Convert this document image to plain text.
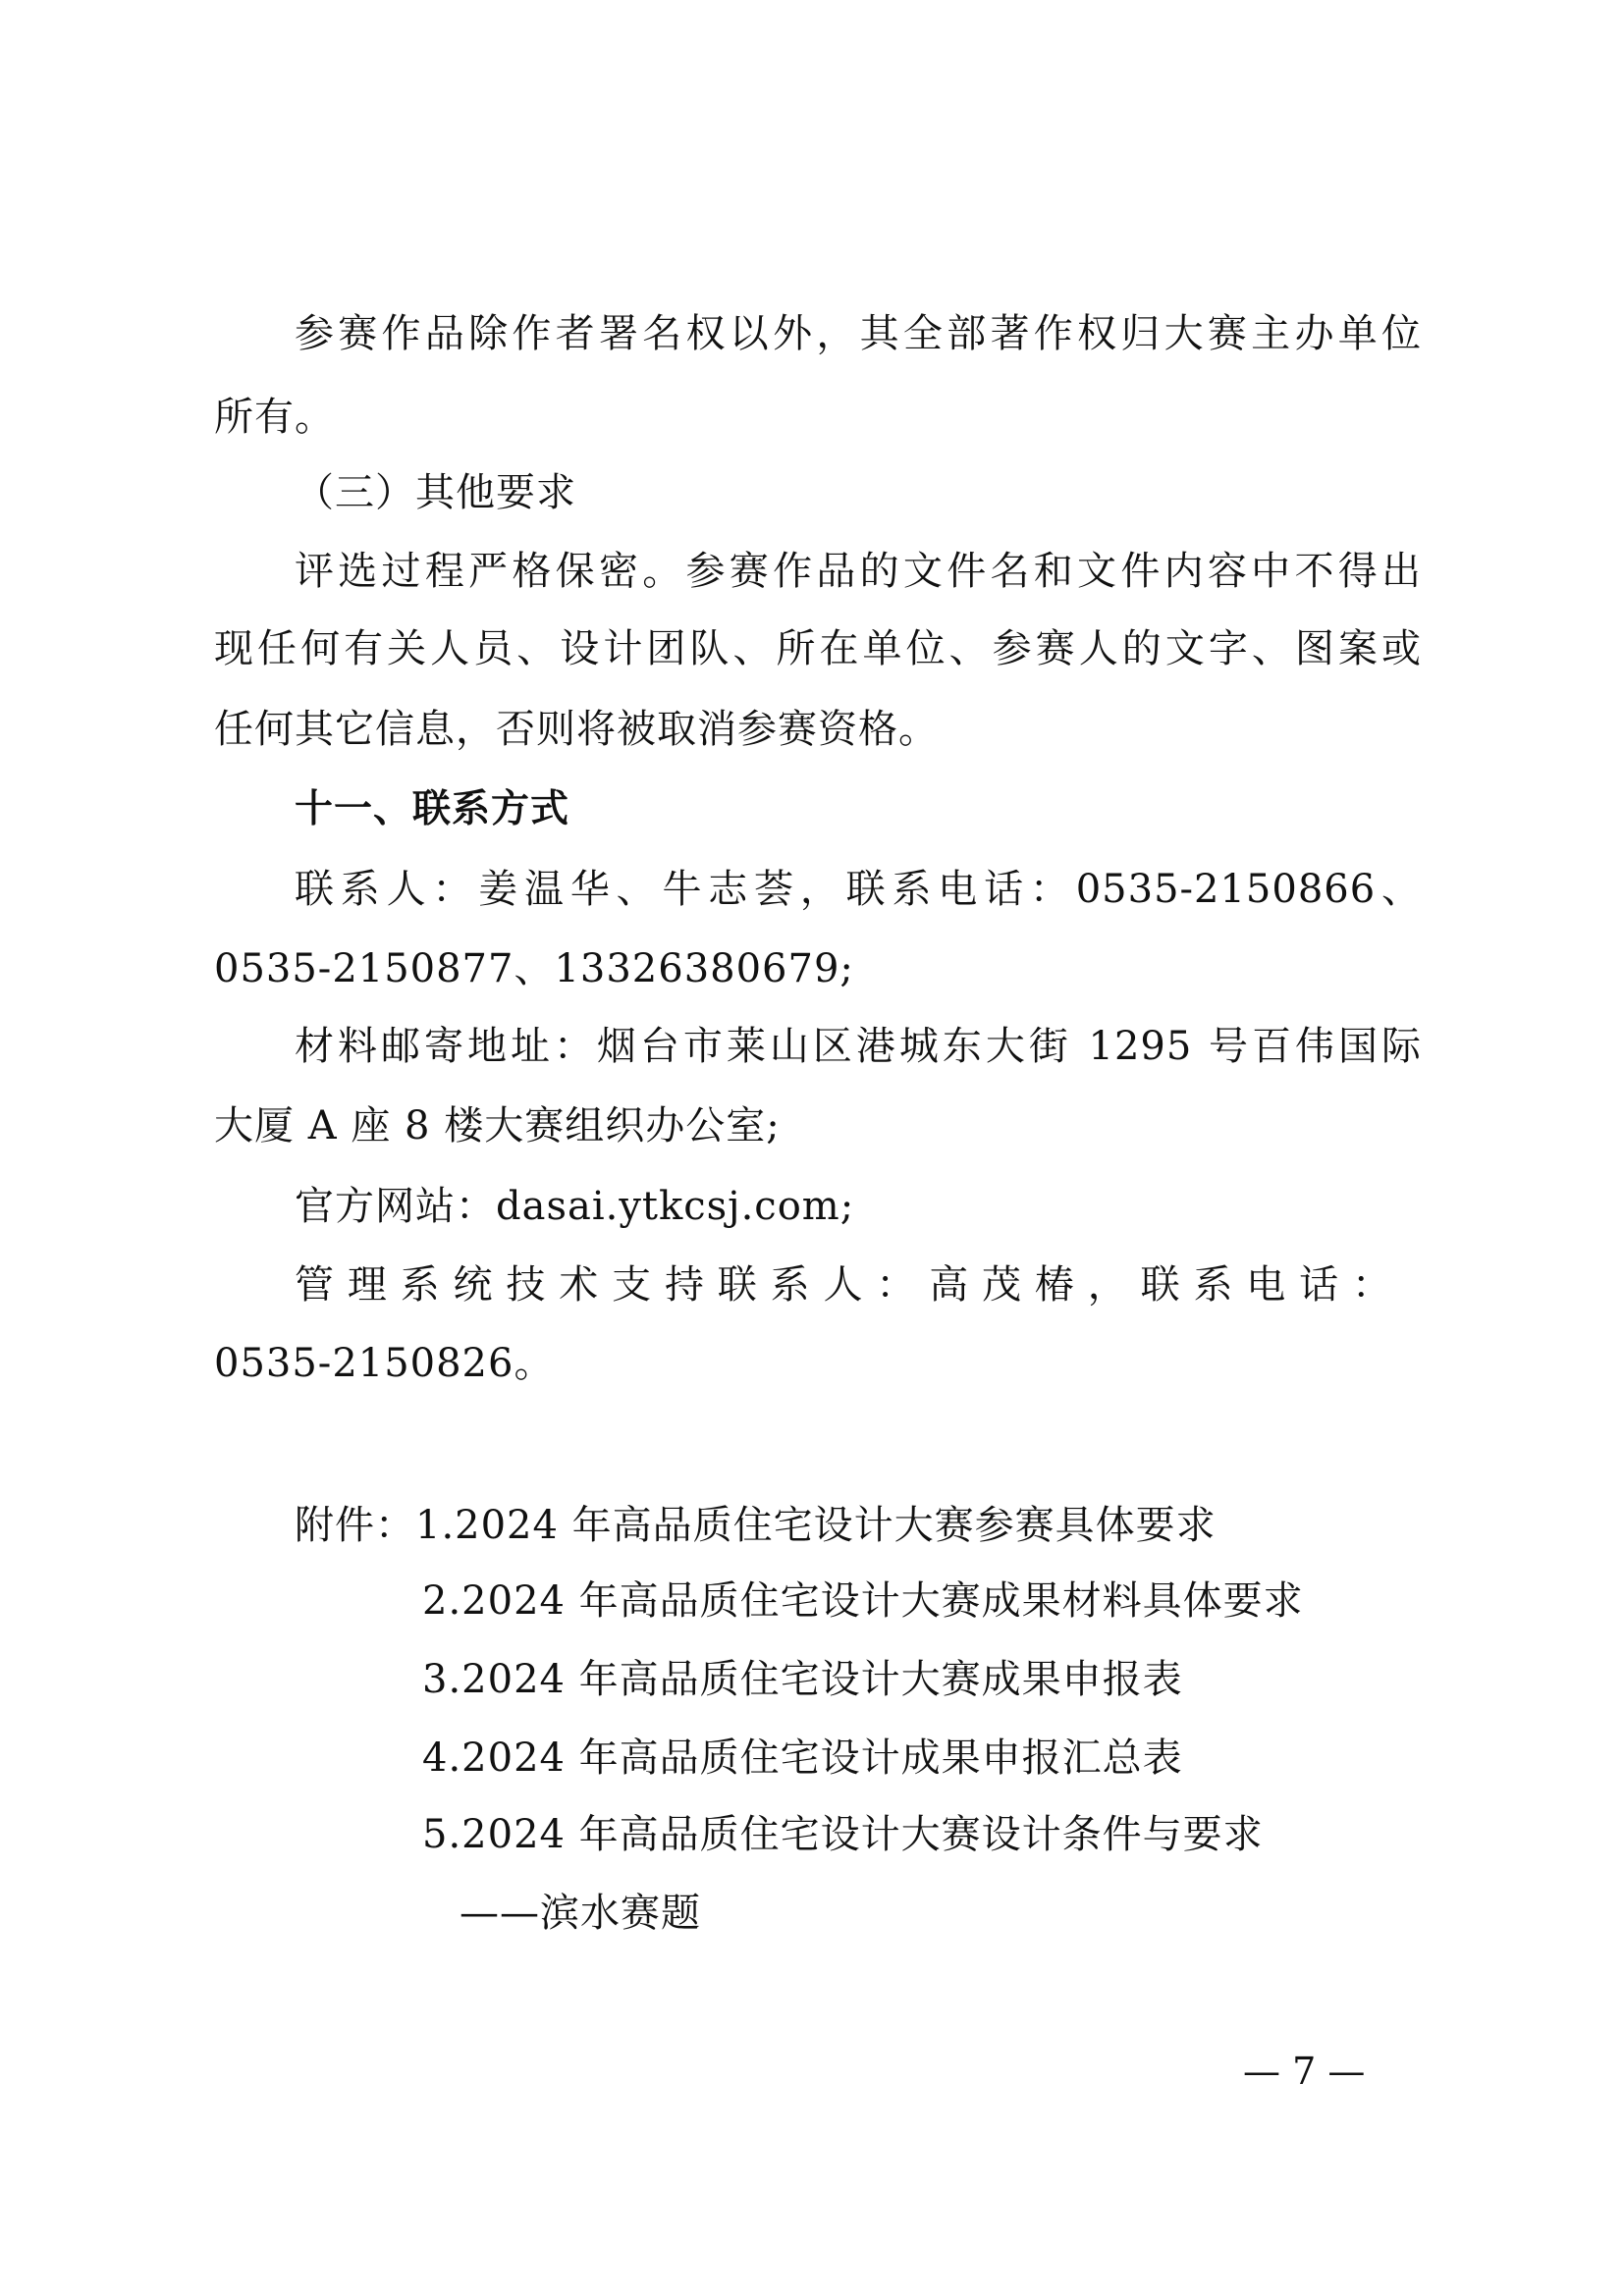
参赛作品除作者署名权以外，其全部著作权归大赛主办单位
所有。
（三）其他要求
评选过程严格保密。参赛作品的文件名和文件内容中不得出
现任何有关人员、设计团队、所在单位、参赛人的文字、图案或
任何其它信息，否则将被取消参赛资格。
十一、联系方式
联系人：姜温华、牛志荟，联系电话：0535-2150866、
0535-2150877、13326380679;
材料邮寄地址：烟台市莱山区港城东大街 1295 号百伟国际
大厦 A 座 8 楼大赛组织办公室;
官方网站：dasai.ytkcsj.com;
管理系统技术支持联系人：高茂椿，联系电话：
0535-2150826。
附件：1.2024 年高品质住宅设计大赛参赛具体要求
2.2024 年高品质住宅设计大赛成果材料具体要求
3.2024 年高品质住宅设计大赛成果申报表
4.2024 年高品质住宅设计成果申报汇总表
5.2024 年高品质住宅设计大赛设计条件与要求
——滨水赛题
— 7 —
